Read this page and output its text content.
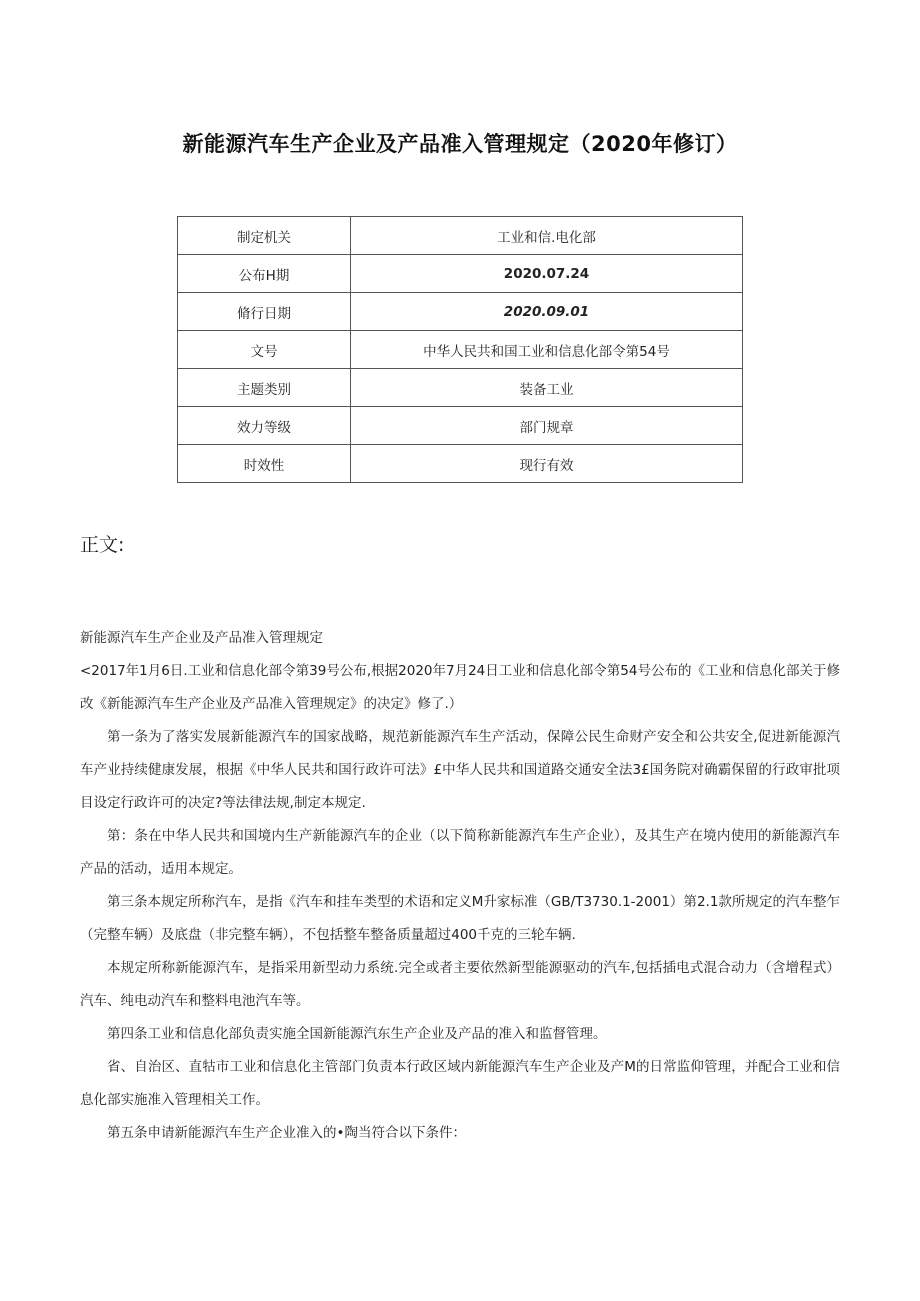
新能源汽车生产企业及产品准入管理规定（2020年修订）
制定机关	工业和信.电化部
公布H期	2020.07.24
脩行日期	2020.09.01
文号	中华人民共和国工业和信息化部令第54号
主题类别	装备工业
效力等级	部门规章
时效性	现行有效
正文:

新能源汽车生产企业及产品准入管理规定

<2017年1月6日.工业和信息化部令第39号公布,根据2020年7月24日工业和信息化部令第54号公布的《工业和信息化部关于修改《新能源汽车生产企业及产品准入管理规定》的决定》修了.）

第一条为了落实发展新能源汽车的国家战略，规范新能源汽车生产活动，保障公民生命财产安全和公共安全,促进新能源汽车产业持续健康发展，根据《中华人民共和国行政许可法》£中华人民共和国道路交通安全法3£国务院对确霸保留的行政审批项目设定行政许可的决定?等法律法规,制定本规定.

第：条在中华人民共和国境内生产新能源汽车的企业（以下简称新能源汽车生产企业），及其生产在境内使用的新能源汽车产品的活动，适用本规定。

第三条本规定所称汽车，是指《汽车和挂车类型的术语和定义M升家标准（GB/T3730.1-2001）第2.1款所规定的汽车整乍（完整车辆）及底盘（非完整车辆），不包括整车整备质量超过400千克的三轮车辆.

本规定所称新能源汽车，是指采用新型动力系统.完全或者主要依然新型能源驱动的汽车,包括插电式混合动力（含增程式）汽车、纯电动汽车和整料电池汽车等。

第四条工业和信息化部负责实施全国新能源汽东生产企业及产品的准入和监督管理。

省、自治区、直牯市工业和信息化主管部门负责本行政区域内新能源汽车生产企业及产M的日常监仰管理，并配合工业和信息化部实施准入管理相关工作。

第五条申请新能源汽车生产企业准入的•陶当符合以下条件：
